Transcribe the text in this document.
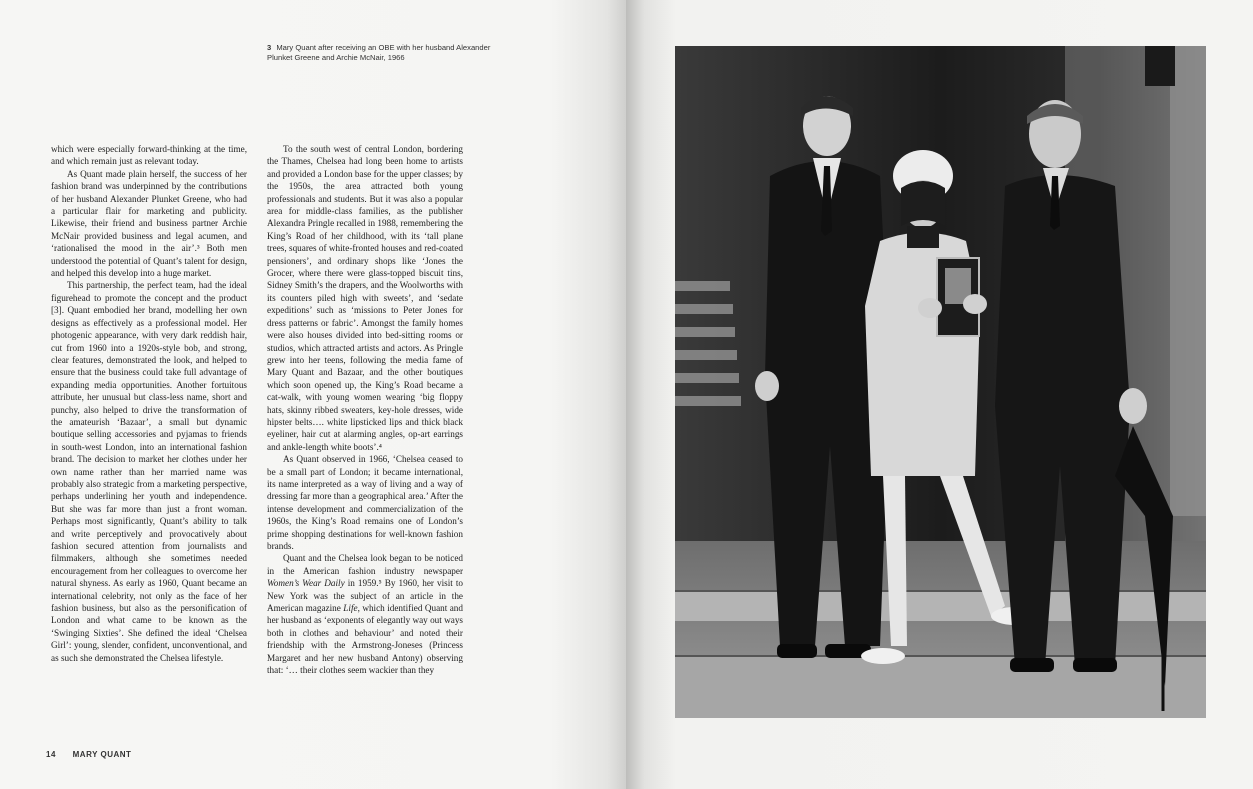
3 Mary Quant after receiving an OBE with her husband Alexander Plunket Greene and Archie McNair, 1966

which were especially forward-thinking at the time, and which remain just as relevant today.

As Quant made plain herself, the success of her fashion brand was underpinned by the contributions of her husband Alexander Plunket Greene, who had a particular flair for marketing and publicity. Likewise, their friend and business partner Archie McNair provided business and legal acumen, and ‘rationalised the mood in the air’.³ Both men understood the potential of Quant’s talent for design, and helped this develop into a huge market.

This partnership, the perfect team, had the ideal figurehead to promote the concept and the product [3]. Quant embodied her brand, modelling her own designs as effectively as a professional model. Her photogenic appearance, with very dark reddish hair, cut from 1960 into a 1920s-style bob, and strong, clear features, demonstrated the look, and helped to ensure that the business could take full advantage of expanding media opportunities. Another fortuitous attribute, her unusual but class-less name, short and punchy, also helped to drive the transformation of the amateurish ‘Bazaar’, a small but dynamic boutique selling accessories and pyjamas to friends in south-west London, into an international fashion brand. The decision to market her clothes under her own name rather than her married name was probably also strategic from a marketing perspective, perhaps underlining her youth and independence. But she was far more than just a front woman. Perhaps most significantly, Quant’s ability to talk and write perceptively and provocatively about fashion secured attention from journalists and filmmakers, although she sometimes needed encouragement from her colleagues to overcome her natural shyness. As early as 1960, Quant became an international celebrity, not only as the face of her fashion business, but also as the personification of London and what came to be known as the ‘Swinging Sixties’. She defined the ideal ‘Chelsea Girl’: young, slender, confident, unconventional, and as such she demonstrated the Chelsea lifestyle.

To the south west of central London, bordering the Thames, Chelsea had long been home to artists and provided a London base for the upper classes; by the 1950s, the area attracted both young professionals and students. But it was also a popular area for middle-class families, as the publisher Alexandra Pringle recalled in 1988, remembering the King’s Road of her childhood, with its ‘tall plane trees, squares of white-fronted houses and red-coated pensioners’, and ordinary shops like ‘Jones the Grocer, where there were glass-topped biscuit tins, Sidney Smith’s the drapers, and the Woolworths with its counters piled high with sweets’, and ‘sedate expeditions’ such as ‘missions to Peter Jones for dress patterns or fabric’. Amongst the family homes were also houses divided into bed-sitting rooms or studios, which attracted artists and actors. As Pringle grew into her teens, following the media fame of Mary Quant and Bazaar, and the other boutiques which soon opened up, the King’s Road became a cat-walk, with young women wearing ‘big floppy hats, skinny ribbed sweaters, key-hole dresses, wide hipster belts…. white lipsticked lips and thick black eyeliner, hair cut at alarming angles, op-art earrings and ankle-length white boots’.⁴

As Quant observed in 1966, ‘Chelsea ceased to be a small part of London; it became international, its name interpreted as a way of living and a way of dressing far more than a geographical area.’ After the intense development and commercialization of the 1960s, the King’s Road remains one of London’s prime shopping destinations for well-known fashion brands.

Quant and the Chelsea look began to be noticed in the American fashion industry newspaper Women’s Wear Daily in 1959.⁵ By 1960, her visit to New York was the subject of an article in the American magazine Life, which identified Quant and her husband as ‘exponents of elegantly way out ways both in clothes and behaviour’ and noted their friendship with the Armstrong-Joneses (Princess Margaret and her new husband Antony) observing that: ‘… their clothes seem wackier than they

14 MARY QUANT
